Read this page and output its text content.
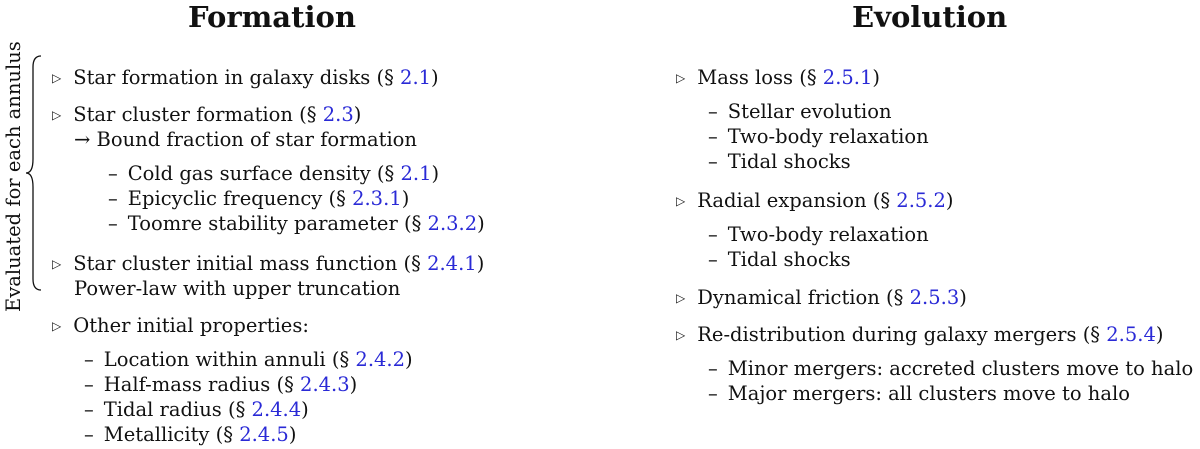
Formation
Evaluated for each annulus ▷ Star formation in galaxy disks (§ 2.1)
▷ Star cluster formation (§ 2.3)
→ Bound fraction of star formation
– Cold gas surface density (§ 2.1)
– Epicyclic frequency (§ 2.3.1)
– Toomre stability parameter (§ 2.3.2)
▷ Star cluster initial mass function (§ 2.4.1)
Power-law with upper truncation
▷ Other initial properties:
– Location within annuli (§ 2.4.2)
– Half-mass radius (§ 2.4.3)
– Tidal radius (§ 2.4.4)
– Metallicity (§ 2.4.5)
Evolution
▷ Mass loss (§ 2.5.1)
– Stellar evolution
– Two-body relaxation
– Tidal shocks
▷ Radial expansion (§ 2.5.2)
– Two-body relaxation
– Tidal shocks
▷ Dynamical friction (§ 2.5.3)
▷ Re-distribution during galaxy mergers (§ 2.5.4)
– Minor mergers: accreted clusters move to halo
– Major mergers: all clusters move to halo
